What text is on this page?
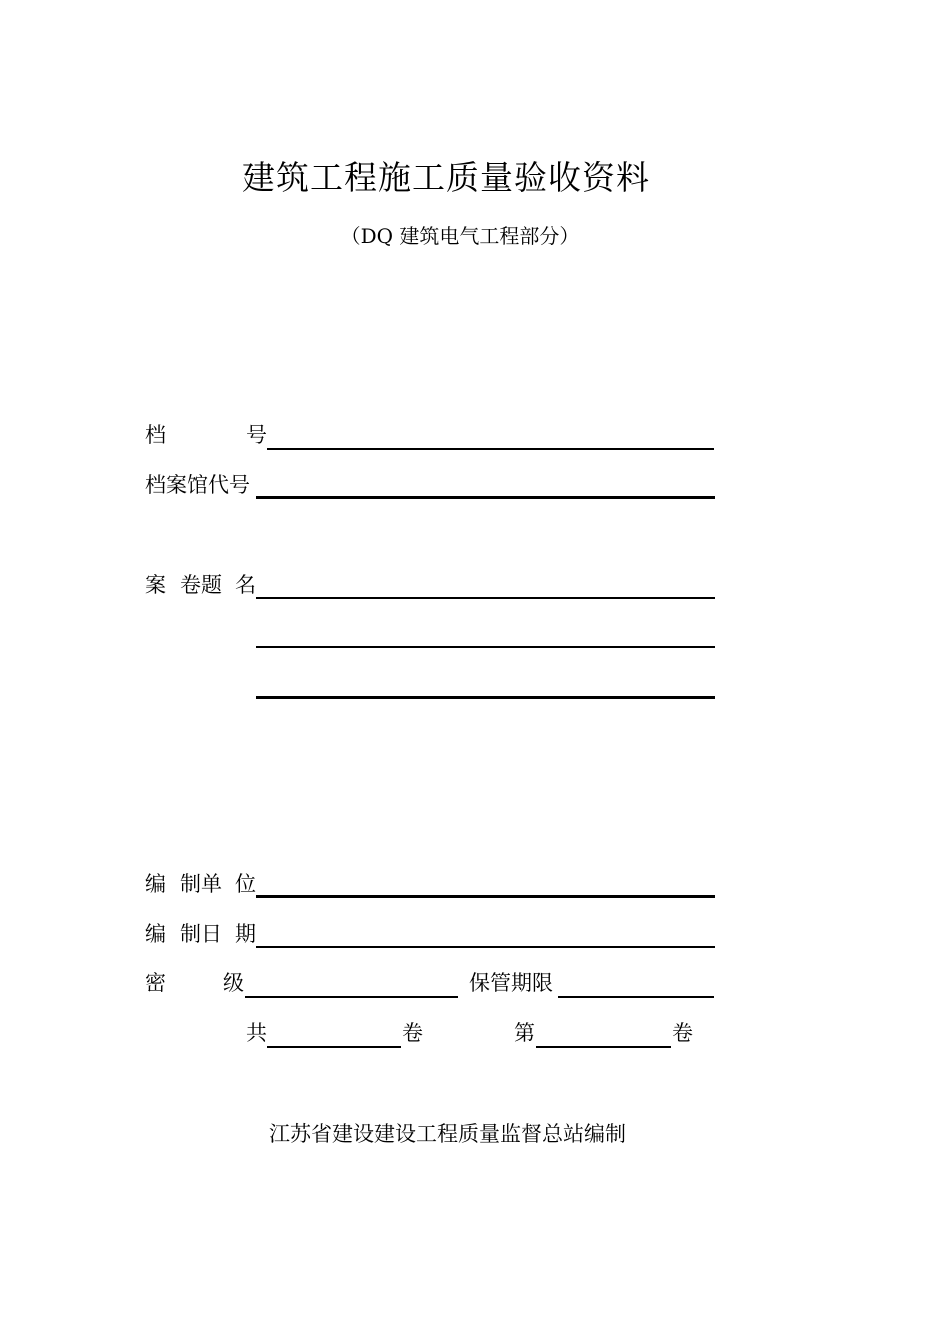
建筑工程施工质量验收资料
（DQ 建筑电气工程部分）
档	号
档案馆代号
案 卷题 名
编 制单 位
编 制日 期
密	级	保管期限
共	卷	第	卷
江苏省建设建设工程质量监督总站编制
